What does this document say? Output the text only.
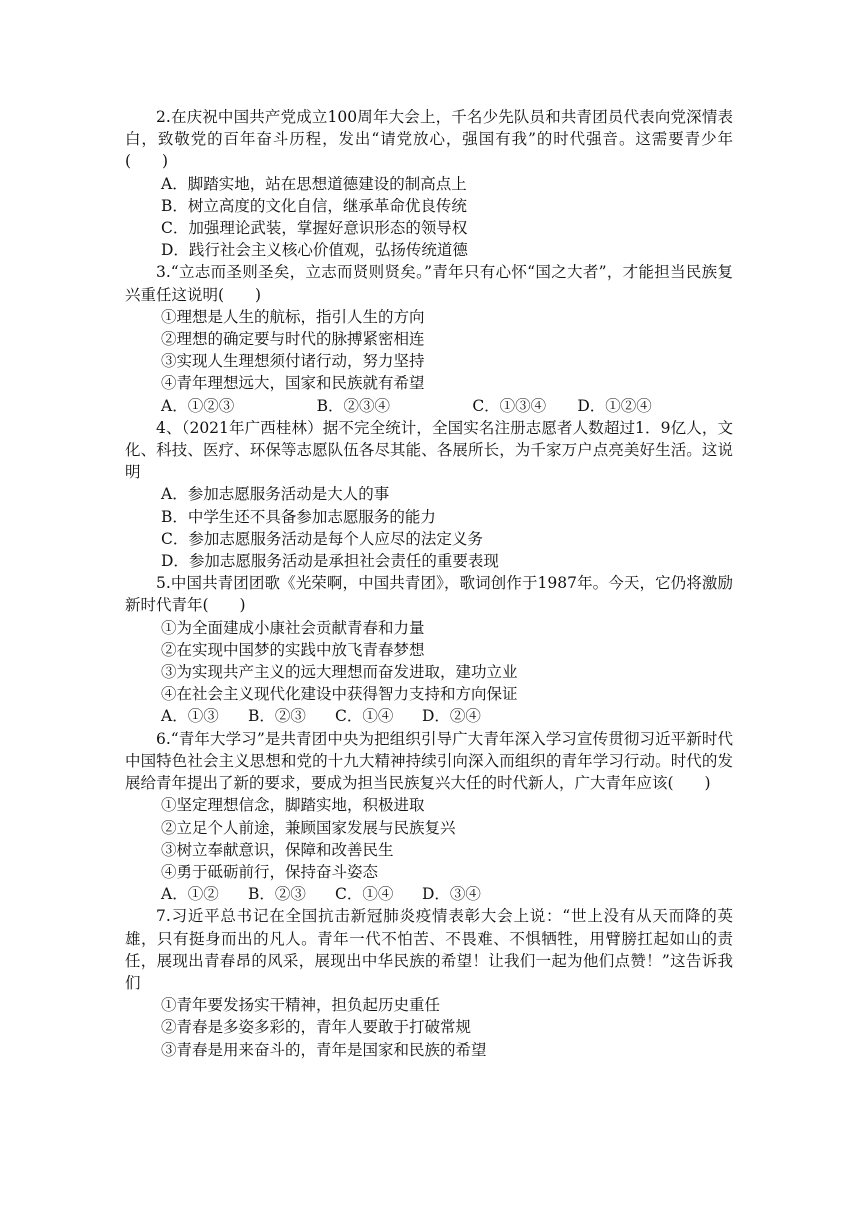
2.在庆祝中国共产党成立100周年大会上，千名少先队员和共青团员代表向党深情表白，致敬党的百年奋斗历程，发出“请党放心，强国有我”的时代强音。这需要青少年(　　)

A．脚踏实地，站在思想道德建设的制高点上
B．树立高度的文化自信，继承革命优良传统
C．加强理论武装，掌握好意识形态的领导权
D．践行社会主义核心价值观，弘扬传统道德

3.“立志而圣则圣矣，立志而贤则贤矣。”青年只有心怀“国之大者”，才能担当民族复兴重任这说明(　　)

①理想是人生的航标，指引人生的方向
②理想的确定要与时代的脉搏紧密相连
③实现人生理想须付诸行动，努力坚持
④青年理想远大，国家和民族就有希望
A．①②③	B．②③④	C．①③④	D．①②④

4、（2021年广西桂林）据不完全统计，全国实名注册志愿者人数超过1．9亿人，文化、科技、医疗、环保等志愿队伍各尽其能、各展所长，为千家万户点亮美好生活。这说明

A．参加志愿服务活动是大人的事
B．中学生还不具备参加志愿服务的能力
C．参加志愿服务活动是每个人应尽的法定义务
D．参加志愿服务活动是承担社会责任的重要表现

5.中国共青团团歌《光荣啊，中国共青团》，歌词创作于1987年。今天，它仍将激励新时代青年(　　)

①为全面建成小康社会贡献青春和力量
②在实现中国梦的实践中放飞青春梦想
③为实现共产主义的远大理想而奋发进取，建功立业
④在社会主义现代化建设中获得智力支持和方向保证
A．①③	B．②③	C．①④	D．②④

6.“青年大学习”是共青团中央为把组织引导广大青年深入学习宣传贯彻习近平新时代中国特色社会主义思想和党的十九大精神持续引向深入而组织的青年学习行动。时代的发展给青年提出了新的要求，要成为担当民族复兴大任的时代新人，广大青年应该(　　)

①坚定理想信念，脚踏实地，积极进取
②立足个人前途，兼顾国家发展与民族复兴
③树立奉献意识，保障和改善民生
④勇于砥砺前行，保持奋斗姿态
A．①②	B．②③	C．①④	D．③④

7.习近平总书记在全国抗击新冠肺炎疫情表彰大会上说：“世上没有从天而降的英雄，只有挺身而出的凡人。青年一代不怕苦、不畏难、不惧牺牲，用臂膀扛起如山的责任，展现出青春昂的风采，展现出中华民族的希望！让我们一起为他们点赞！”这告诉我们

①青年要发扬实干精神，担负起历史重任
②青春是多姿多彩的，青年人要敢于打破常规
③青春是用来奋斗的，青年是国家和民族的希望
